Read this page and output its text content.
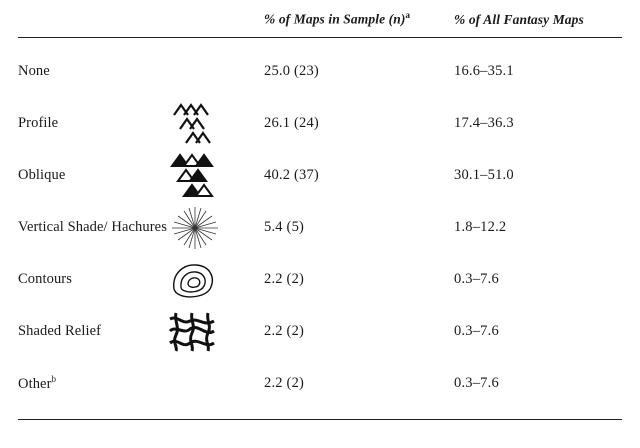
		% of Maps in Sample $(n)^a$	% of All Fantasy Maps
None		25.0 (23)	16.6–35.1
Profile		26.1 (24)	17.4–36.3
Oblique		40.2 (37)	30.1–51.0
Vertical Shade/ Hachures		5.4 (5)	1.8–12.2
Contours		2.2 (2)	0.3–7.6
Shaded Relief		2.2 (2)	0.3–7.6
Other$^b$		2.2 (2)	0.3–7.6
